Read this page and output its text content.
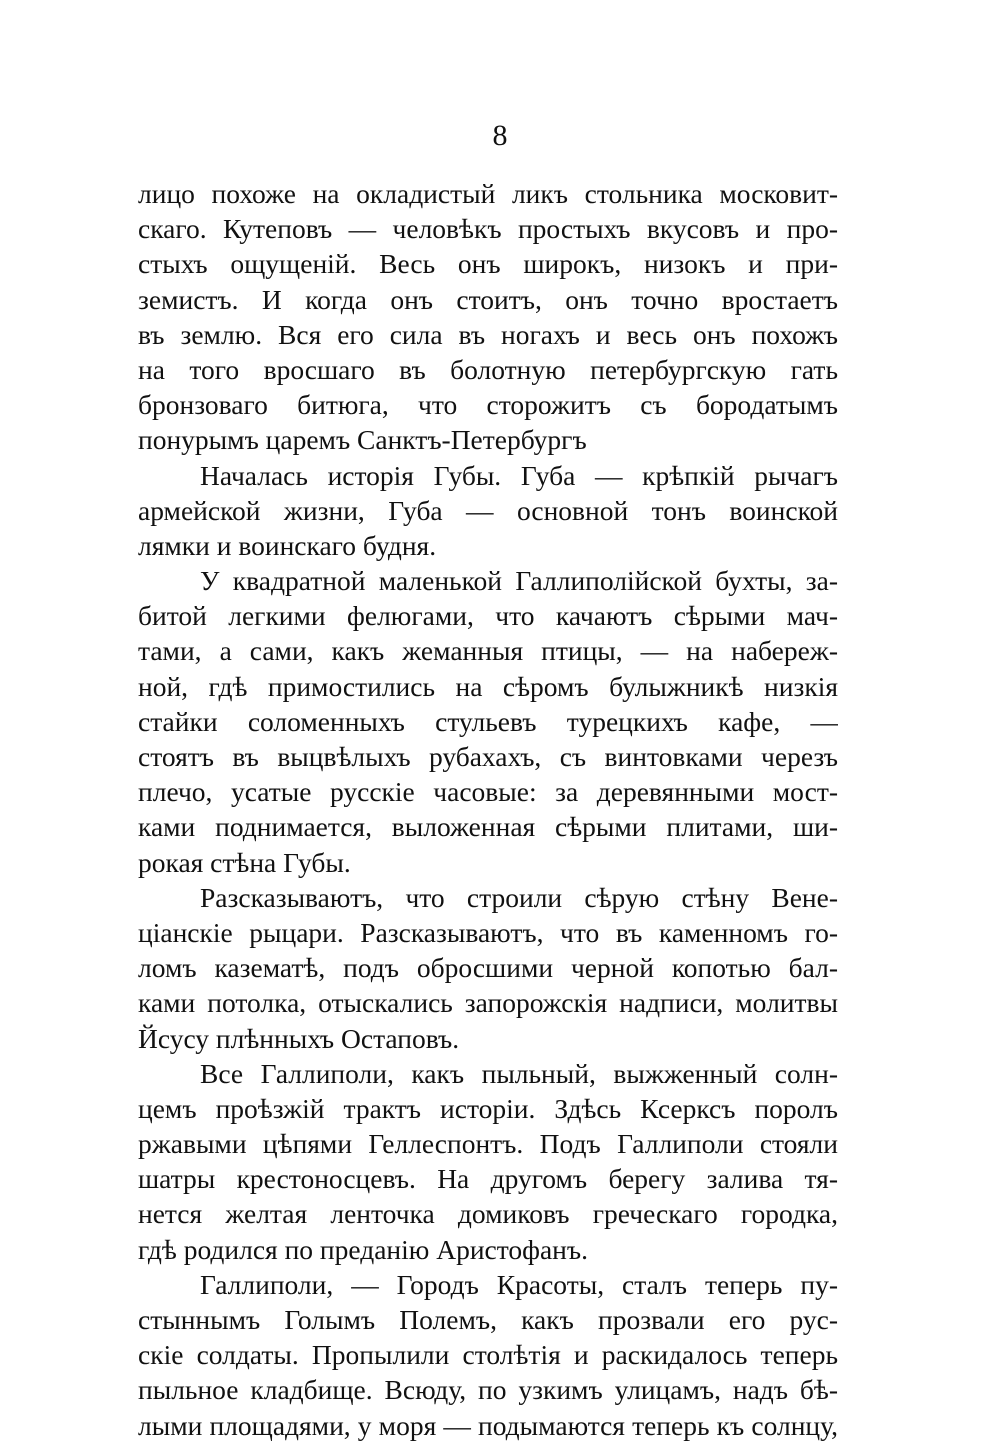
8
лицо похоже на окладистый ликъ стольника московит-
скаго. Кутеповъ — человѣкъ простыхъ вкусовъ и про-
стыхъ ощущеній. Весь онъ широкъ, низокъ и при-
земистъ. И когда онъ стоитъ, онъ точно вростаетъ
въ землю. Вся его сила въ ногахъ и весь онъ похожъ
на того вросшаго въ болотную петербургскую гать
бронзоваго битюга, что сторожитъ съ бородатымъ
понурымъ царемъ Санктъ-Петербургъ
Началась исторія Губы. Губа — крѣпкій рычагъ
армейской жизни, Губа — основной тонъ воинской
лямки и воинскаго будня.
У квадратной маленькой Галлиполійской бухты, за-
битой легкими фелюгами, что качаютъ сѣрыми мач-
тами, а сами, какъ жеманныя птицы, — на набереж-
ной, гдѣ примостились на сѣромъ булыжникѣ низкія
стайки соломенныхъ стульевъ турецкихъ кафе, —
стоятъ въ выцвѣлыхъ рубахахъ, съ винтовками черезъ
плечо, усатые русскіе часовые: за деревянными мост-
ками поднимается, выложенная сѣрыми плитами, ши-
рокая стѣна Губы.
Разсказываютъ, что строили сѣрую стѣну Вене-
ціанскіе рыцари. Разсказываютъ, что въ каменномъ го-
ломъ казематѣ, подъ обросшими черной копотью бал-
ками потолка, отыскались запорожскія надписи, молитвы
Йсусу плѣнныхъ Остаповъ.
Все Галлиполи, какъ пыльный, выжженный солн-
цемъ проѣзжій трактъ исторіи. Здѣсь Ксерксъ поролъ
ржавыми цѣпями Геллеспонтъ. Подъ Галлиполи стояли
шатры крестоносцевъ. На другомъ берегу залива тя-
нется желтая ленточка домиковъ греческаго городка,
гдѣ родился по преданію Аристофанъ.
Галлиполи, — Городъ Красоты, сталъ теперь пу-
стыннымъ Голымъ Полемъ, какъ прозвали его рус-
скіе солдаты. Пропылили столѣтія и раскидалось теперь
пыльное кладбище. Всюду, по узкимъ улицамъ, надъ бѣ-
лыми площадями, у моря — подымаются теперь къ солнцу,
